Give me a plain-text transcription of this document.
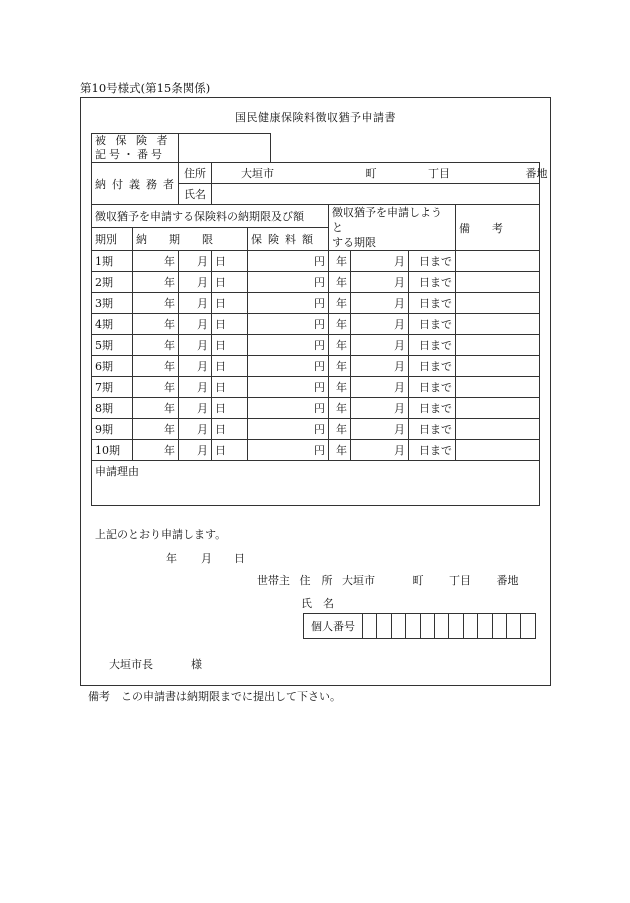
第10号様式(第15条関係)
国民健康保険料徴収猶予申請書
被 保 険 者
記号・番号									

納付義務者		住所	大垣市 町 丁目 番地						
		氏名							
徴収猶予を申請する保険料の納期限及び額						徴収猶予を申請しようと
する期限			備　　考
期別	納　　期　　限			保険料額					
1期	年	月	日	円		年	月	日まで	
2期	年	月	日	円		年	月	日まで	
3期	年	月	日	円		年	月	日まで	
4期	年	月	日	円		年	月	日まで	
5期	年	月	日	円		年	月	日まで	
6期	年	月	日	円		年	月	日まで	
7期	年	月	日	円		年	月	日まで	
8期	年	月	日	円		年	月	日まで	
9期	年	月	日	円		年	月	日まで	
10期	年	月	日	円		年	月	日まで	
申請理由									
上記のとおり申請します。
年 月 日
世帯主 住　所 大垣市	町 丁目 番地
氏　名
個人番号												
大垣市長	様
備考　この申請書は納期限までに提出して下さい。
